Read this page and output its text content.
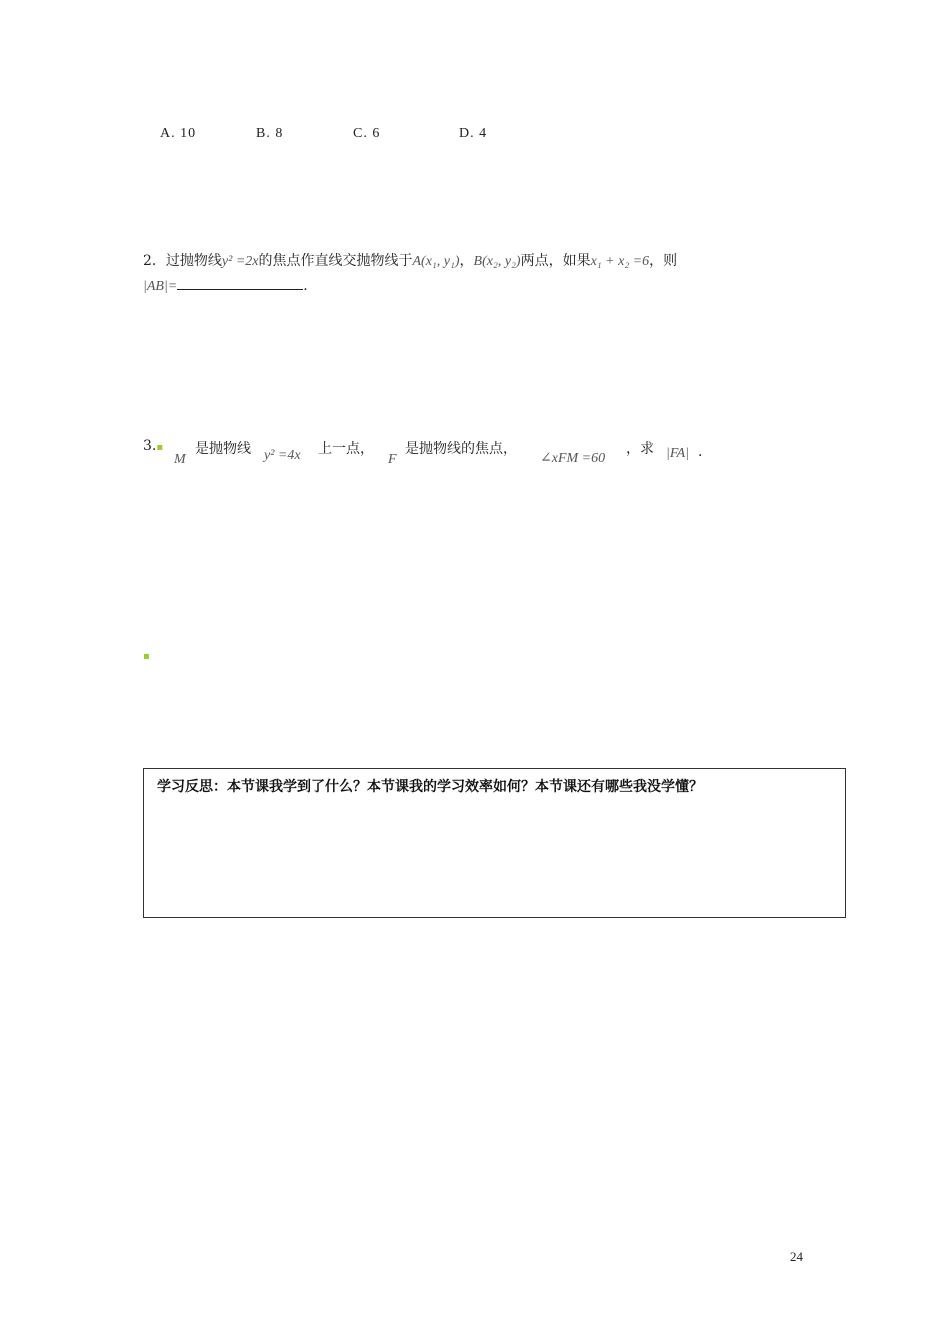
A. 10	B. 8	C. 6	D. 4
2．过抛物线y² =2x的焦点作直线交抛物线于A(x₁, y₁)，B(x₂, y₂)两点，如果x₁ + x₂ =6，则
|AB|=	.
3.▪
M
是抛物线 y² =4x 上一点，
F
是抛物线的焦点，
∠xFM =60
，求 |FA| .
▪
学习反思：本节课我学到了什么？本节课我的学习效率如何？本节课还有哪些我没学懂？
24
